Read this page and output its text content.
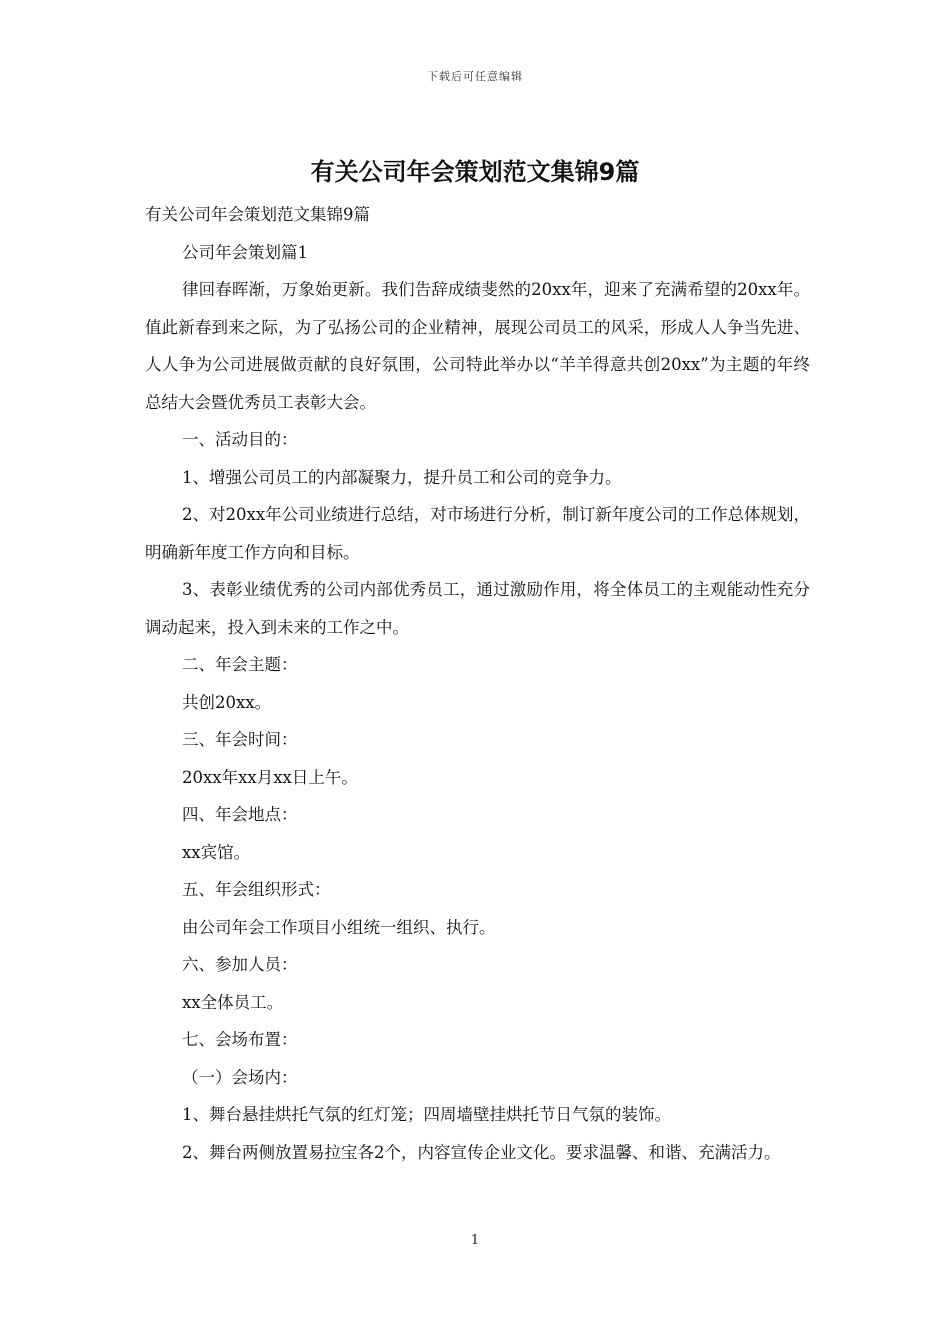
下载后可任意编辑
有关公司年会策划范文集锦9篇

有关公司年会策划范文集锦9篇

公司年会策划篇1

律回春晖渐，万象始更新。我们告辞成绩斐然的20xx年，迎来了充满希望的20xx年。值此新春到来之际，为了弘扬公司的企业精神，展现公司员工的风采，形成人人争当先进、人人争为公司进展做贡献的良好氛围，公司特此举办以“羊羊得意共创20xx”为主题的年终总结大会暨优秀员工表彰大会。

一、活动目的：

1、增强公司员工的内部凝聚力，提升员工和公司的竞争力。

2、对20xx年公司业绩进行总结，对市场进行分析，制订新年度公司的工作总体规划，明确新年度工作方向和目标。

3、表彰业绩优秀的公司内部优秀员工，通过激励作用，将全体员工的主观能动性充分调动起来，投入到未来的工作之中。

二、年会主题：

共创20xx。

三、年会时间：

20xx年xx月xx日上午。

四、年会地点：

xx宾馆。

五、年会组织形式：

由公司年会工作项目小组统一组织、执行。

六、参加人员：

xx全体员工。

七、会场布置：

（一）会场内：

1、舞台悬挂烘托气氛的红灯笼；四周墙壁挂烘托节日气氛的装饰。

2、舞台两侧放置易拉宝各2个，内容宣传企业文化。要求温馨、和谐、充满活力。

1
